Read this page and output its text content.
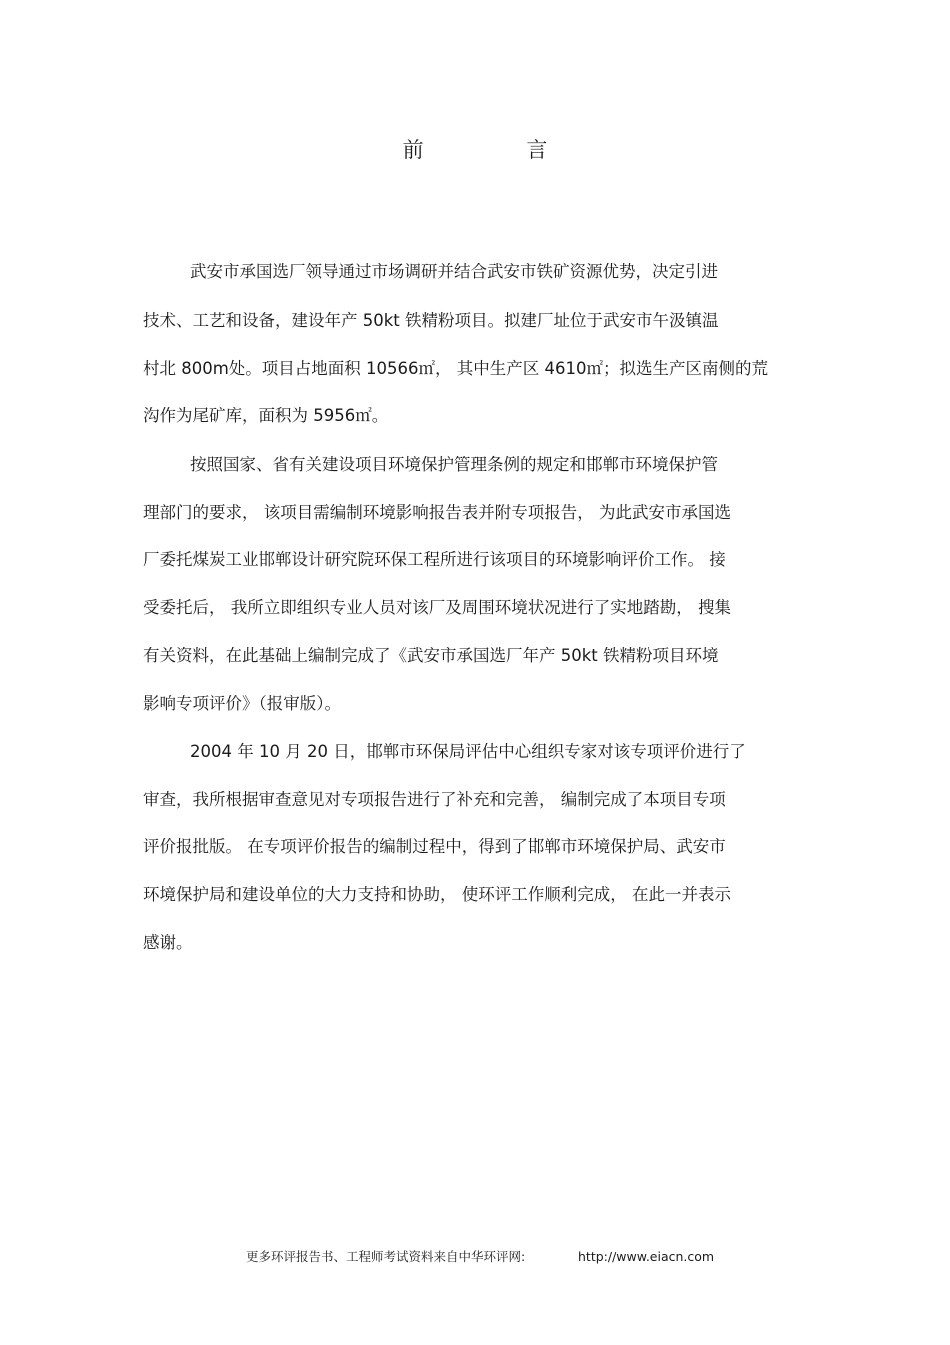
前 言
武安市承国选厂领导通过市场调研并结合武安市铁矿资源优势，决定引进
技术、工艺和设备，建设年产 50kt 铁精粉项目。拟建厂址位于武安市午汲镇温
村北 800m处。项目占地面积 10566㎡， 其中生产区 4610㎡；拟选生产区南侧的荒
沟作为尾矿库，面积为 5956㎡。
按照国家、省有关建设项目环境保护管理条例的规定和邯郸市环境保护管
理部门的要求， 该项目需编制环境影响报告表并附专项报告， 为此武安市承国选
厂委托煤炭工业邯郸设计研究院环保工程所进行该项目的环境影响评价工作。 接
受委托后， 我所立即组织专业人员对该厂及周围环境状况进行了实地踏勘， 搜集
有关资料，在此基础上编制完成了《武安市承国选厂年产 50kt 铁精粉项目环境
影响专项评价》（报审版）。
2004 年 10 月 20 日，邯郸市环保局评估中心组织专家对该专项评价进行了
审查，我所根据审查意见对专项报告进行了补充和完善， 编制完成了本项目专项
评价报批版。 在专项评价报告的编制过程中，得到了邯郸市环境保护局、武安市
环境保护局和建设单位的大力支持和协助， 使环评工作顺利完成， 在此一并表示
感谢。
更多环评报告书、工程师考试资料来自中华环评网:	http://www.eiacn.com
